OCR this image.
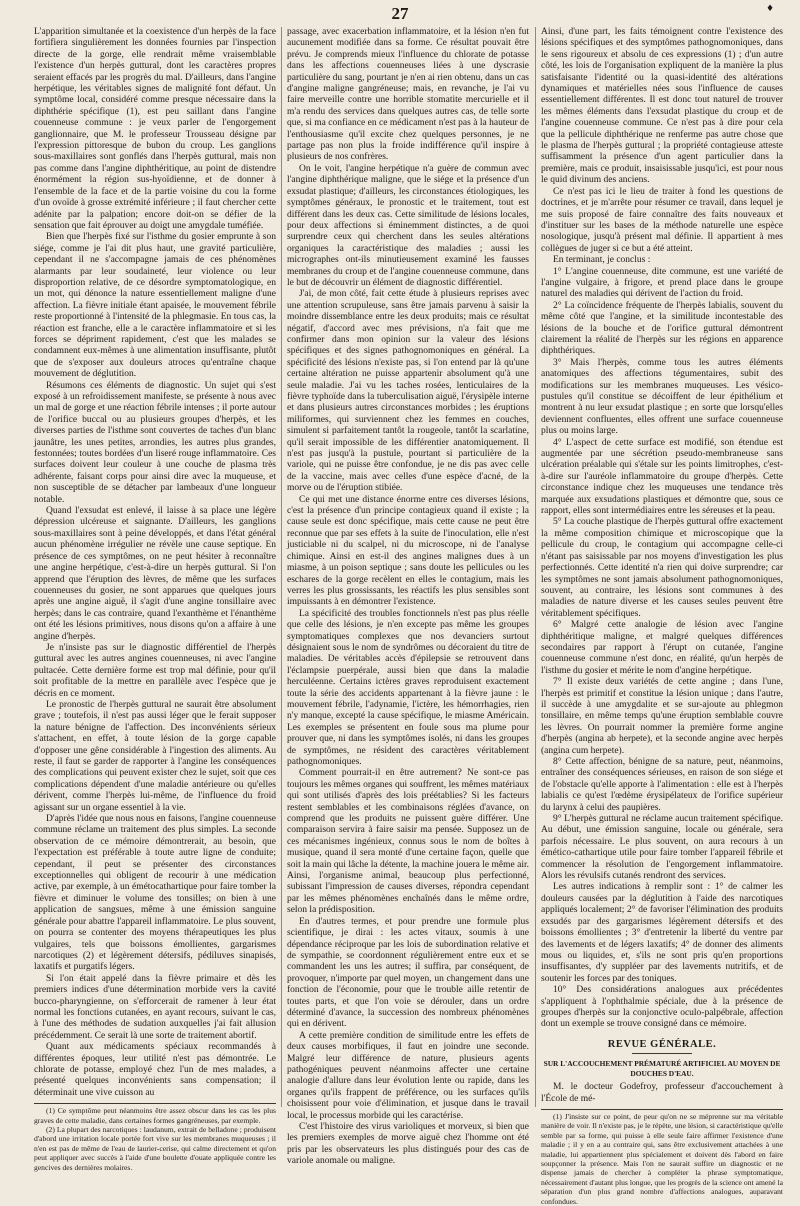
27	♦

L'apparition simultanée et la coexistence d'un herpès de la face fortifiera singulièrement les données fournies par l'inspection directe de la gorge, elle rendrait même vraisemblable l'existence d'un herpès guttural, dont les caractères propres seraient effacés par les progrès du mal. D'ailleurs, dans l'angine herpétique, les véritables signes de malignité font défaut. Un symptôme local, considéré comme presque nécessaire dans la diphthérie spécifique (1), est peu saillant dans l'angine couenneuse commune : je veux parler de l'engorgement ganglionnaire, que M. le professeur Trousseau désigne par l'expression pittoresque de bubon du croup. Les ganglions sous-maxillaires sont gonflés dans l'herpès guttural, mais non pas comme dans l'angine diphthéritique, au point de distendre énormément la région sus-hyoïdienne, et de donner à l'ensemble de la face et de la partie voisine du cou la forme d'un ovoïde à grosse extrémité inférieure ; il faut chercher cette adénite par la palpation; encore doit-on se défier de la sensation que fait éprouver au doigt une amygdale tuméfiée.

Bien que l'herpès fixé sur l'isthme du gosier emprunte à son siége, comme je l'ai dit plus haut, une gravité particulière, cependant il ne s'accompagne jamais de ces phénomènes alarmants par leur soudaineté, leur violence ou leur disproportion relative, de ce désordre symptomatologique, en un mot, qui dénonce la nature essentiellement maligne d'une affection. La fièvre initiale étant apaisée, le mouvement fébrile reste proportionné à l'intensité de la phlegmasie. En tous cas, la réaction est franche, elle a le caractère inflammatoire et si les forces se dépriment rapidement, c'est que les malades se condamnent eux-mêmes à une alimentation insuffisante, plutôt que de s'exposer aux douleurs atroces qu'entraîne chaque mouvement de déglutition.

Résumons ces éléments de diagnostic. Un sujet qui s'est exposé à un refroidissement manifeste, se présente à nous avec un mal de gorge et une réaction fébrile intenses ; il porte autour de l'orifice buccal ou au plusieurs groupes d'herpès, et les diverses parties de l'isthme sont couvertes de taches d'un blanc jaunâtre, les unes petites, arrondies, les autres plus grandes, festonnées; toutes bordées d'un liseré rouge inflammatoire. Ces surfaces doivent leur couleur à une couche de plasma très adhérente, faisant corps pour ainsi dire avec la muqueuse, et non susceptible de se détacher par lambeaux d'une longueur notable.

Quand l'exsudat est enlevé, il laisse à sa place une légère dépression ulcéreuse et saignante. D'ailleurs, les ganglions sous-maxillaires sont à peine développés, et dans l'état général aucun phénomène irrégulier ne révèle une cause septique. En présence de ces symptômes, on ne peut hésiter à reconnaître une angine herpétique, c'est-à-dire un herpès guttural. Si l'on apprend que l'éruption des lèvres, de même que les surfaces couenneuses du gosier, ne sont apparues que quelques jours après une angine aiguë, il s'agit d'une angine tonsillaire avec herpès; dans le cas contraire, quand l'exanthème et l'énanthème ont été les lésions primitives, nous disons qu'on a affaire à une angine d'herpès.

Je n'insiste pas sur le diagnostic différentiel de l'herpès guttural avec les autres angines couenneuses, ni avec l'angine pultacée. Cette dernière forme est trop mal définie, pour qu'il soit profitable de la mettre en parallèle avec l'espèce que je décris en ce moment.

Le pronostic de l'herpès guttural ne saurait être absolument grave ; toutefois, il n'est pas aussi léger que le ferait supposer la nature bénigne de l'affection. Des inconvénients sérieux s'attachent, en effet, à toute lésion de la gorge capable d'opposer une gêne considérable à l'ingestion des aliments. Au reste, il faut se garder de rapporter à l'angine les conséquences des complications qui peuvent exister chez le sujet, soit que ces complications dépendent d'une maladie antérieure ou qu'elles dérivent, comme l'herpès lui-même, de l'influence du froid agissant sur un organe essentiel à la vie.

D'après l'idée que nous nous en faisons, l'angine couenneuse commune réclame un traitement des plus simples. La seconde observation de ce mémoire démontrerait, au besoin, que l'expectation est préférable à toute autre ligne de conduite; cependant, il peut se présenter des circonstances exceptionnelles qui obligent de recourir à une médication active, par exemple, à un émétocathartique pour faire tomber la fièvre et diminuer le volume des tonsilles; on bien à une application de sangsues, même à une émission sanguine générale pour abattre l'appareil inflammatoire. Le plus souvent, on pourra se contenter des moyens thérapeutiques les plus vulgaires, tels que boissons émollientes, gargarismes narcotiques (2) et légèrement détersifs, pédiluves sinapisés, laxatifs et purgatifs légers.

Si l'on était appelé dans la fièvre primaire et dès les premiers indices d'une détermination morbide vers la cavité bucco-pharyngienne, on s'efforcerait de ramener à leur état normal les fonctions cutanées, en ayant recours, suivant le cas, à l'une des méthodes de sudation auxquelles j'ai fait allusion précédemment. Ce serait là une sorte de traitement abortif.

Quant aux médicaments spéciaux recommandés à différentes époques, leur utilité n'est pas démontrée. Le chlorate de potasse, employé chez l'un de mes malades, a présenté quelques inconvénients sans compensation; il déterminait une vive cuisson au

(1) Ce symptôme peut néanmoins être assez obscur dans les cas les plus graves de cette maladie, dans certaines formes gangréneuses, par exemple.

(2) La plupart des narcotiques : laudanum, extrait de belladone ; produisent d'abord une irritation locale portée fort vive sur les membranes muqueuses ; il n'en est pas de même de l'eau de laurier-cerise, qui calme directement et qu'on peut appliquer avec succès à l'aide d'une boulette d'ouate appliquée contre les gencives des dernières molaires.

passage, avec exacerbation inflammatoire, et la lésion n'en fut aucunement modifiée dans sa forme. Ce résultat pouvait être prévu. Je comprends mieux l'influence du chlorate de potasse dans les affections couenneuses liées à une dyscrasie particulière du sang, pourtant je n'en ai rien obtenu, dans un cas d'angine maligne gangréneuse; mais, en revanche, je l'ai vu faire merveille contre une horrible stomatite mercurielle et il m'a rendu des services dans quelques autres cas, de telle sorte que, si ma confiance en ce médicament n'est pas à la hauteur de l'enthousiasme qu'il excite chez quelques personnes, je ne partage pas non plus la froide indifférence qu'il inspire à plusieurs de nos confrères.

On le voit, l'angine herpétique n'a guère de commun avec l'angine diphthérique maligne, que le siége et la présence d'un exsudat plastique; d'ailleurs, les circonstances étiologiques, les symptômes généraux, le pronostic et le traitement, tout est différent dans les deux cas. Cette similitude de lésions locales, pour deux affections si éminemment distinctes, a de quoi surprendre ceux qui cherchent dans les seules altérations organiques la caractéristique des maladies ; aussi les micrographes ont-ils minutieusement examiné les fausses membranes du croup et de l'angine couenneuse commune, dans le but de découvrir un élément de diagnostic différentiel.

J'ai, de mon côté, fait cette étude à plusieurs reprises avec une attention scrupuleuse, sans être jamais parvenu à saisir la moindre dissemblance entre les deux produits; mais ce résultat négatif, d'accord avec mes prévisions, n'a fait que me confirmer dans mon opinion sur la valeur des lésions spécifiques et des signes pathognomoniques en général. La spécificité des lésions n'existe pas, si l'on entend par là qu'une certaine altération ne puisse appartenir absolument qu'à une seule maladie. J'ai vu les taches rosées, lenticulaires de la fièvre typhoïde dans la tuberculisation aiguë, l'érysipèle interne et dans plusieurs autres circonstances morbides ; les éruptions miliformes, qui surviennent chez les femmes en couches, simulent si parfaitement tantôt la rougeole, tantôt la scarlatine, qu'il serait impossible de les différentier anatomiquement. Il n'est pas jusqu'à la pustule, pourtant si particulière de la variole, qui ne puisse être confondue, je ne dis pas avec celle de la vaccine, mais avec celles d'une espèce d'acné, de la morve ou de l'éruption stibiée.

Ce qui met une distance énorme entre ces diverses lésions, c'est la présence d'un principe contagieux quand il existe ; la cause seule est donc spécifique, mais cette cause ne peut être reconnue que par ses effets à la suite de l'inoculation, elle n'est justiciable ni du scalpel, ni du microscope, ni de l'analyse chimique. Ainsi en est-il des angines malignes dues à un miasme, à un poison septique ; sans doute les pellicules ou les eschares de la gorge recèlent en elles le contagium, mais les verres les plus grossissants, les réactifs les plus sensibles sont impuissants à en démontrer l'existence.

La spécificité des troubles fonctionnels n'est pas plus réelle que celle des lésions, je n'en excepte pas même les groupes symptomatiques complexes que nos devanciers surtout désignaient sous le nom de syndrômes ou décoraient du titre de maladies. De véritables accès d'épilepsie se retrouvent dans l'éclampsie puerpérale, aussi bien que dans la maladie herculéenne. Certains ictères graves reproduisent exactement toute la série des accidents appartenant à la fièvre jaune : le mouvement fébrile, l'adynamie, l'ictère, les hémorrhagies, rien n'y manque, excepté la cause spécifique, le miasme Américain. Les exemples se présentent en foule sous ma plume pour prouver que, ni dans les symptômes isolés, ni dans les groupes de symptômes, ne résident des caractères véritablement pathognomoniques.

Comment pourrait-il en être autrement? Ne sont-ce pas toujours les mêmes organes qui souffrent, les mêmes matériaux qui sont utilisés d'après des lois préétablies? Si les facteurs restent semblables et les combinaisons réglées d'avance, on comprend que les produits ne puissent guère différer. Une comparaison servira à faire saisir ma pensée. Supposez un de ces mécanismes ingénieux, connus sous le nom de boîtes à musique, quand il sera monté d'une certaine façon, quelle que soit la main qui lâche la détente, la machine jouera le même air. Ainsi, l'organisme animal, beaucoup plus perfectionné, subissant l'impression de causes diverses, répondra cependant par les mêmes phénomènes enchaînés dans le même ordre, selon la prédisposition.

En d'autres termes, et pour prendre une formule plus scientifique, je dirai : les actes vitaux, soumis à une dépendance réciproque par les lois de subordination relative et de sympathie, se coordonnent régulièrement entre eux et se commandent les uns les autres; il suffira, par conséquent, de provoquer, n'importe par quel moyen, un changement dans une fonction de l'économie, pour que le trouble aille retentir de toutes parts, et que l'on voie se dérouler, dans un ordre déterminé d'avance, la succession des nombreux phénomènes qui en dérivent.

A cette première condition de similitude entre les effets de deux causes morbifiques, il faut en joindre une seconde. Malgré leur différence de nature, plusieurs agents pathogéniques peuvent néanmoins affecter une certaine analogie d'allure dans leur évolution lente ou rapide, dans les organes qu'ils frappent de préférence, ou les surfaces qu'ils choisissent pour voie d'élimination, et jusque dans le travail local, le processus morbide qui les caractérise.

C'est l'histoire des virus varioliques et morveux, si bien que les premiers exemples de morve aiguë chez l'homme ont été pris par les observateurs les plus distingués pour des cas de variole anomale ou maligne.

Ainsi, d'une part, les faits témoignent contre l'existence des lésions spécifiques et des symptômes pathognomoniques, dans le sens rigoureux et absolu de ces expressions (1) ; d'un autre côté, les lois de l'organisation expliquent de la manière la plus satisfaisante l'identité ou la quasi-identité des altérations dynamiques et matérielles nées sous l'influence de causes essentiellement différentes. Il est donc tout naturel de trouver les mêmes éléments dans l'exsudat plastique du croup et de l'angine couenneuse commune. Ce n'est pas à dire pour cela que la pellicule diphthérique ne renferme pas autre chose que le plasma de l'herpès guttural ; la propriété contagieuse atteste suffisamment la présence d'un agent particulier dans la première, mais ce produit, insaisissable jusqu'ici, est pour nous le quid divinum des anciens.

Ce n'est pas ici le lieu de traiter à fond les questions de doctrines, et je m'arrête pour résumer ce travail, dans lequel je me suis proposé de faire connaître des faits nouveaux et d'instituer sur les bases de la méthode naturelle une espèce nosologique, jusqu'à présent mal définie. Il appartient à mes collègues de juger si ce but a été atteint.

En terminant, je conclus :

1° L'angine couenneuse, dite commune, est une variété de l'angine vulgaire, à frigore, et prend place dans le groupe naturel des maladies qui dérivent de l'action du froid.

2° La coïncidence fréquente de l'herpès labialis, souvent du même côté que l'angine, et la similitude incontestable des lésions de la bouche et de l'orifice guttural démontrent clairement la réalité de l'herpès sur les régions en apparence diphthériques.

3° Mais l'herpès, comme tous les autres éléments anatomiques des affections tégumentaires, subit des modifications sur les membranes muqueuses. Les vésico-pustules qu'il constitue se décoiffent de leur épithélium et montrent à nu leur exsudat plastique ; en sorte que lorsqu'elles deviennent confluentes, elles offrent une surface couenneuse plus ou moins large.

4° L'aspect de cette surface est modifié, son étendue est augmentée par une sécrétion pseudo-membraneuse sans ulcération préalable qui s'étale sur les points limitrophes, c'est-à-dire sur l'auréole inflammatoire du groupe d'herpès. Cette circonstance indique chez les muqueuses une tendance très marquée aux exsudations plastiques et démontre que, sous ce rapport, elles sont intermédiaires entre les séreuses et la peau.

5° La couche plastique de l'herpès guttural offre exactement la même composition chimique et microscopique que la pellicule du croup, le contagium qui accompagne celle-ci n'étant pas saisissable par nos moyens d'investigation les plus perfectionnés. Cette identité n'a rien qui doive surprendre; car les symptômes ne sont jamais absolument pathognomoniques, souvent, au contraire, les lésions sont communes à des maladies de nature diverse et les causes seules peuvent être véritablement spécifiques.

6° Malgré cette analogie de lésion avec l'angine diphthéritique maligne, et malgré quelques différences secondaires par rapport à l'érupt on cutanée, l'angine couenneuse commune n'est donc, en réalité, qu'un herpès de l'isthme du gosier et mérite le nom d'angine herpétique.

7° Il existe deux variétés de cette angine ; dans l'une, l'herpès est primitif et constitue la lésion unique ; dans l'autre, il succède à une amygdalite et se sur-ajoute au phlegmon tonsillaire, en même temps qu'une éruption semblable couvre les lèvres. On pourrait nommer la première forme angine d'herpès (angina ab herpete), et la seconde angine avec herpès (angina cum herpete).

8° Cette affection, bénigne de sa nature, peut, néanmoins, entraîner des conséquences sérieuses, en raison de son siége et de l'obstacle qu'elle apporte à l'alimentation : elle est à l'herpès labialis ce qu'est l'œdème érysipélateux de l'orifice supérieur du larynx à celui des paupières.

9° L'herpès guttural ne réclame aucun traitement spécifique. Au début, une émission sanguine, locale ou générale, sera parfois nécessaire. Le plus souvent, on aura recours à un émético-cathartique utile pour faire tomber l'appareil fébrile et commencer la résolution de l'engorgement inflammatoire. Alors les révulsifs cutanés rendront des services.

Les autres indications à remplir sont : 1° de calmer les douleurs causées par la déglutition à l'aide des narcotiques appliqués localement; 2° de favoriser l'élimination des produits exsudés par des gargarismes légèrement détersifs et des boissons émollientes ; 3° d'entretenir la liberté du ventre par des lavements et de légers laxatifs; 4° de donner des aliments mous ou liquides, et, s'ils ne sont pris qu'en proportions insuffisantes, d'y suppléer par des lavements nutritifs, et de soutenir les forces par des toniques.

10° Des considérations analogues aux précédentes s'appliquent à l'ophthalmie spéciale, due à la présence de groupes d'herpès sur la conjonctive oculo-palpébrale, affection dont un exemple se trouve consigné dans ce mémoire.

REVUE GÉNÉRALE.
SUR L'ACCOUCHEMENT PRÉMATURÉ ARTIFICIEL AU MOYEN DE DOUCHES D'EAU.

M. le docteur Godefroy, professeur d'accouchement à l'École de mé-

(1) J'insiste sur ce point, de peur qu'on ne se méprenne sur ma véritable manière de voir. Il n'existe pas, je le répète, une lésion, si caractéristique qu'elle semble par sa forme, qui puisse à elle seule faire affirmer l'existence d'une maladie ; il y en a au contraire qui, sans être exclusivement attachées à une maladie, lui appartiennent plus spécialement et doivent dès l'abord en faire soupçonner la présence. Mais l'on ne saurait suffire un diagnostic et ne dispense jamais de chercher à compléter la phrase symptomatique, nécessairement d'autant plus longue, que les progrès de la science ont amené la séparation d'un plus grand nombre d'affections analogues, auparavant confondues.
